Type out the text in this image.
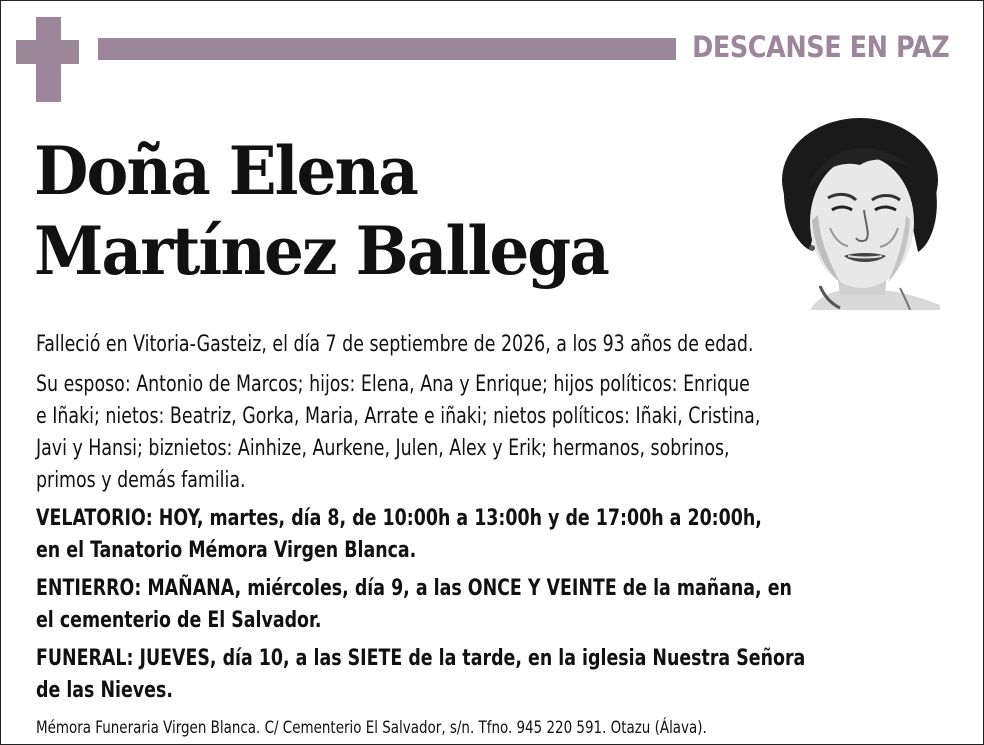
DESCANSE EN PAZ
Doña Elena
Martínez Ballega

Falleció en Vitoria-Gasteiz, el día 7 de septiembre de 2026, a los 93 años de edad.

Su esposo: Antonio de Marcos; hijos: Elena, Ana y Enrique; hijos políticos: Enrique
e Iñaki; nietos: Beatriz, Gorka, Maria, Arrate e iñaki; nietos políticos: Iñaki, Cristina,
Javi y Hansi; biznietos: Ainhize, Aurkene, Julen, Alex y Erik; hermanos, sobrinos,
primos y demás familia.

VELATORIO: HOY, martes, día 8, de 10:00h a 13:00h y de 17:00h a 20:00h,
en el Tanatorio Mémora Virgen Blanca.

ENTIERRO: MAÑANA, miércoles, día 9, a las ONCE Y VEINTE de la mañana, en
el cementerio de El Salvador.

FUNERAL: JUEVES, día 10, a las SIETE de la tarde, en la iglesia Nuestra Señora
de las Nieves.

Mémora Funeraria Virgen Blanca. C/ Cementerio El Salvador, s/n. Tfno. 945 220 591. Otazu (Álava).
